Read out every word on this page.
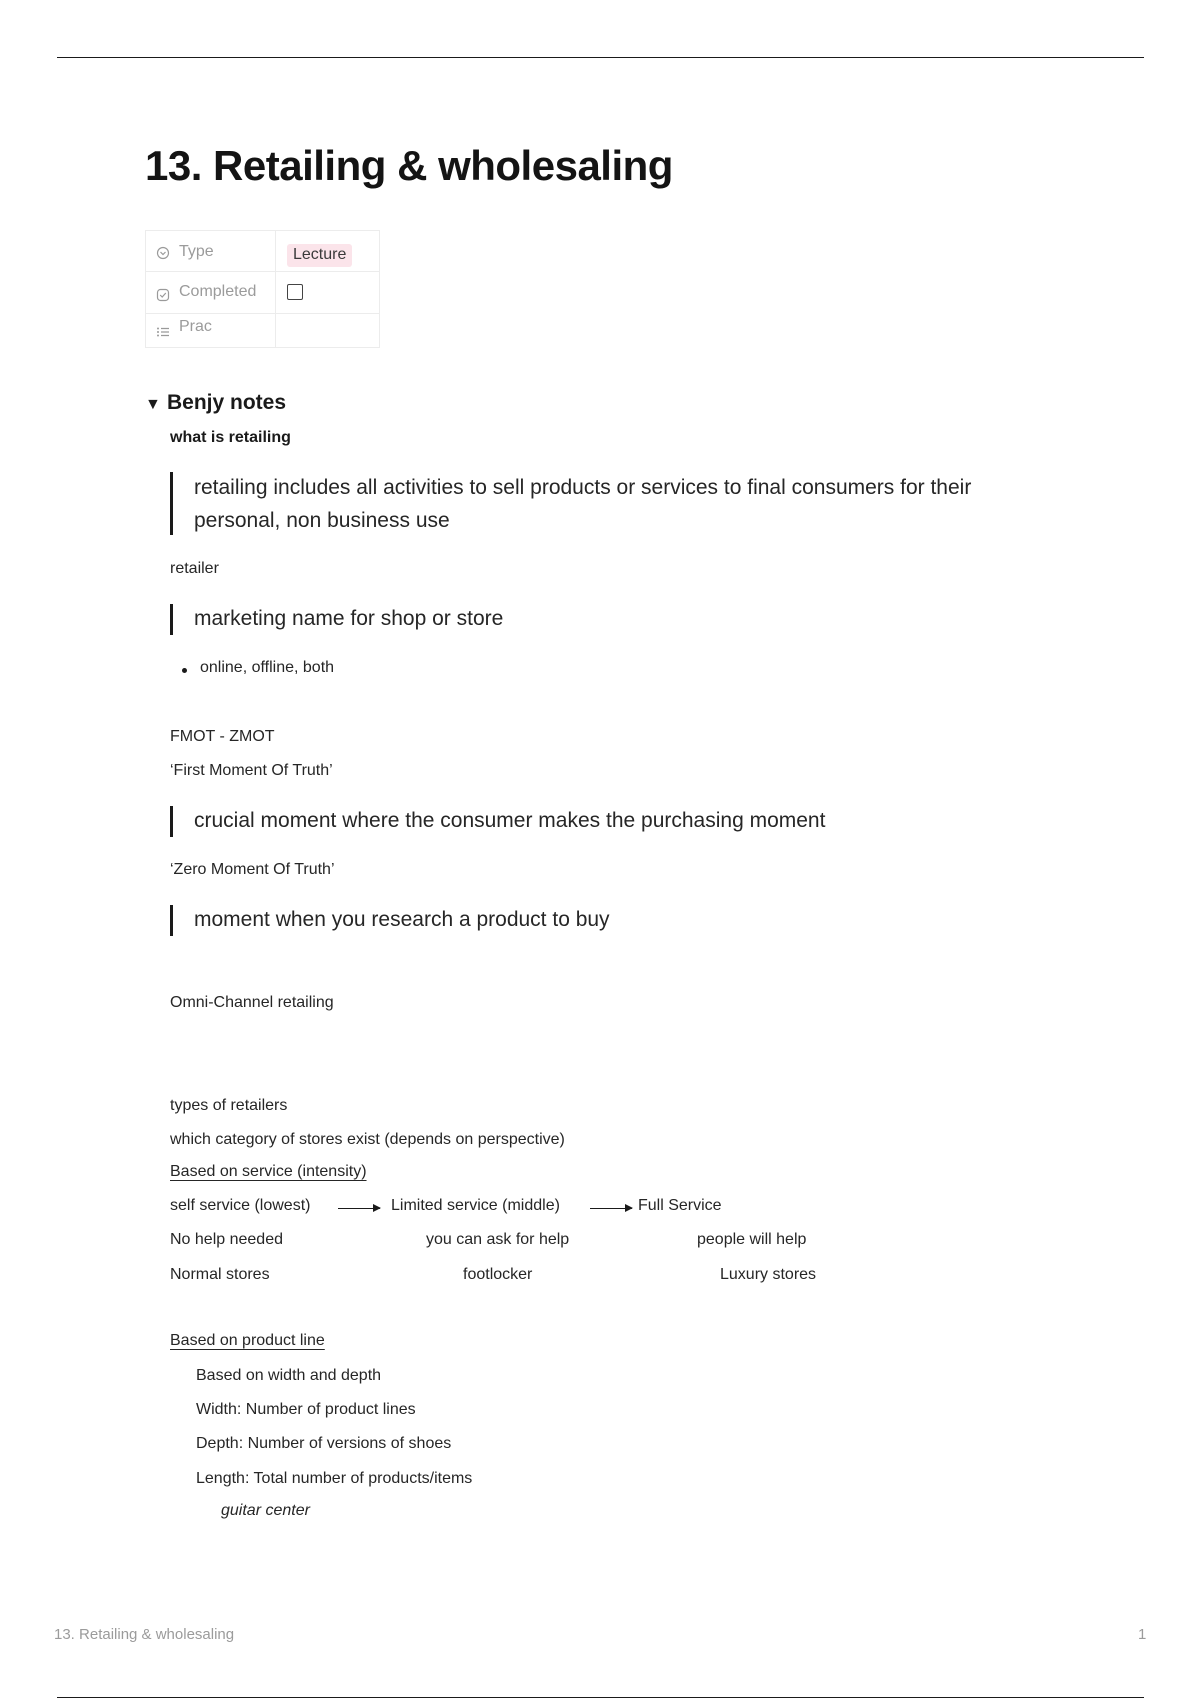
13. Retailing & wholesaling
Type	Lecture
Completed
Prac
▼ Benjy notes
what is retailing
retailing includes all activities to sell products or services to final consumers for their
personal, non business use
retailer
marketing name for shop or store
online, offline, both
FMOT - ZMOT
‘First Moment Of Truth’
crucial moment where the consumer makes the purchasing moment
‘Zero Moment Of Truth’
moment when you research a product to buy
Omni-Channel retailing
types of retailers
which category of stores exist (depends on perspective)
Based on service (intensity)
self service (lowest)	Limited service (middle)	Full Service
No help needed	you can ask for help	people will help
Normal stores	footlocker	Luxury stores
Based on product line
Based on width and depth
Width: Number of product lines
Depth: Number of versions of shoes
Length: Total number of products/items
guitar center
13. Retailing & wholesaling	1
